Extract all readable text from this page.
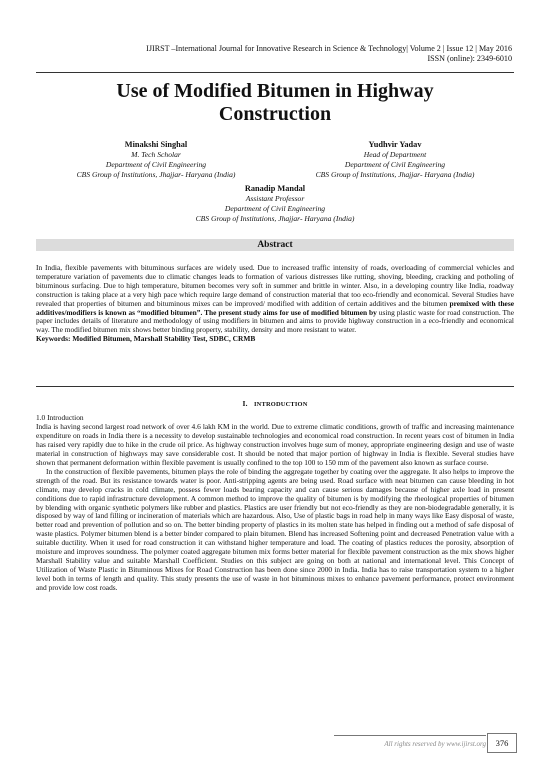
IJIRST –International Journal for Innovative Research in Science & Technology| Volume 2 | Issue 12 | May 2016
ISSN (online): 2349-6010
Use of Modified Bitumen in Highway
Construction
Minakshi Singhal
M. Tech Scholar
Department of Civil Engineering
CBS Group of Institutions, Jhajjar- Haryana (India)
Yudhvir Yadav
Head of Department
Department of Civil Engineering
CBS Group of Institutions, Jhajjar- Haryana (India)
Ranadip Mandal
Assistant Professor
Department of Civil Engineering
CBS Group of Institutions, Jhajjar- Haryana (India)
Abstract
In India, flexible pavements with bituminous surfaces are widely used. Due to increased traffic intensity of roads, overloading of commercial vehicles and temperature variation of pavements due to climatic changes leads to formation of various distresses like rutting, shoving, bleeding, cracking and potholing of bituminous surfacing. Due to high temperature, bitumen becomes very soft in summer and brittle in winter. Also, in a developing country like India, roadway construction is taking place at a very high pace which require large demand of construction material that too eco-friendly and economical. Several Studies have revealed that properties of bitumen and bituminous mixes can be improved/ modified with addition of certain additives and the bitumen premixed with these additives/modifiers is known as “modified bitumen”. The present study aims for use of modified bitumen by using plastic waste for road construction. The paper includes details of literature and methodology of using modifiers in bitumen and aims to provide highway construction in a eco-friendly and economical way. The modified bitumen mix shows better binding property, stability, density and more resistant to water.
Keywords: Modified Bitumen, Marshall Stability Test, SDBC, CRMB
I. INTRODUCTION

1.0 Introduction

India is having second largest road network of over 4.6 lakh KM in the world. Due to extreme climatic conditions, growth of traffic and increasing maintenance expenditure on roads in India there is a necessity to develop sustainable technologies and economical road construction. In recent years cost of bitumen in India has raised very rapidly due to hike in the crude oil price. As highway construction involves huge sum of money, appropriate engineering design and use of waste material in construction of highways may save considerable cost. It should be noted that major portion of highway in India is flexible. Several studies have shown that permanent deformation within flexible pavement is usually confined to the top 100 to 150 mm of the pavement also known as surface course.

In the construction of flexible pavements, bitumen plays the role of binding the aggregate together by coating over the aggregate. It also helps to improve the strength of the road. But its resistance towards water is poor. Anti-stripping agents are being used. Road surface with neat bitumen can cause bleeding in hot climate, may develop cracks in cold climate, possess fewer loads bearing capacity and can cause serious damages because of higher axle load in present conditions due to rapid infrastructure development. A common method to improve the quality of bitumen is by modifying the rheological properties of bitumen by blending with organic synthetic polymers like rubber and plastics. Plastics are user friendly but not eco-friendly as they are non-biodegradable generally, it is disposed by way of land filling or incineration of materials which are hazardous. Also, Use of plastic bags in road help in many ways like Easy disposal of waste, better road and prevention of pollution and so on. The better binding property of plastics in its molten state has helped in finding out a method of safe disposal of waste plastics. Polymer bitumen blend is a better binder compared to plain bitumen. Blend has increased Softening point and decreased Penetration value with a suitable ductility. When it used for road construction it can withstand higher temperature and load. The coating of plastics reduces the porosity, absorption of moisture and improves soundness. The polymer coated aggregate bitumen mix forms better material for flexible pavement construction as the mix shows higher Marshall Stability value and suitable Marshall Coefficient. Studies on this subject are going on both at national and international level. This Concept of Utilization of Waste Plastic in Bituminous Mixes for Road Construction has been done since 2000 in India. India has to raise transportation system to a higher level both in terms of length and quality. This study presents the use of waste in hot bituminous mixes to enhance pavement performance, protect environment and provide low cost roads.

All rights reserved by www.ijirst.org	376
